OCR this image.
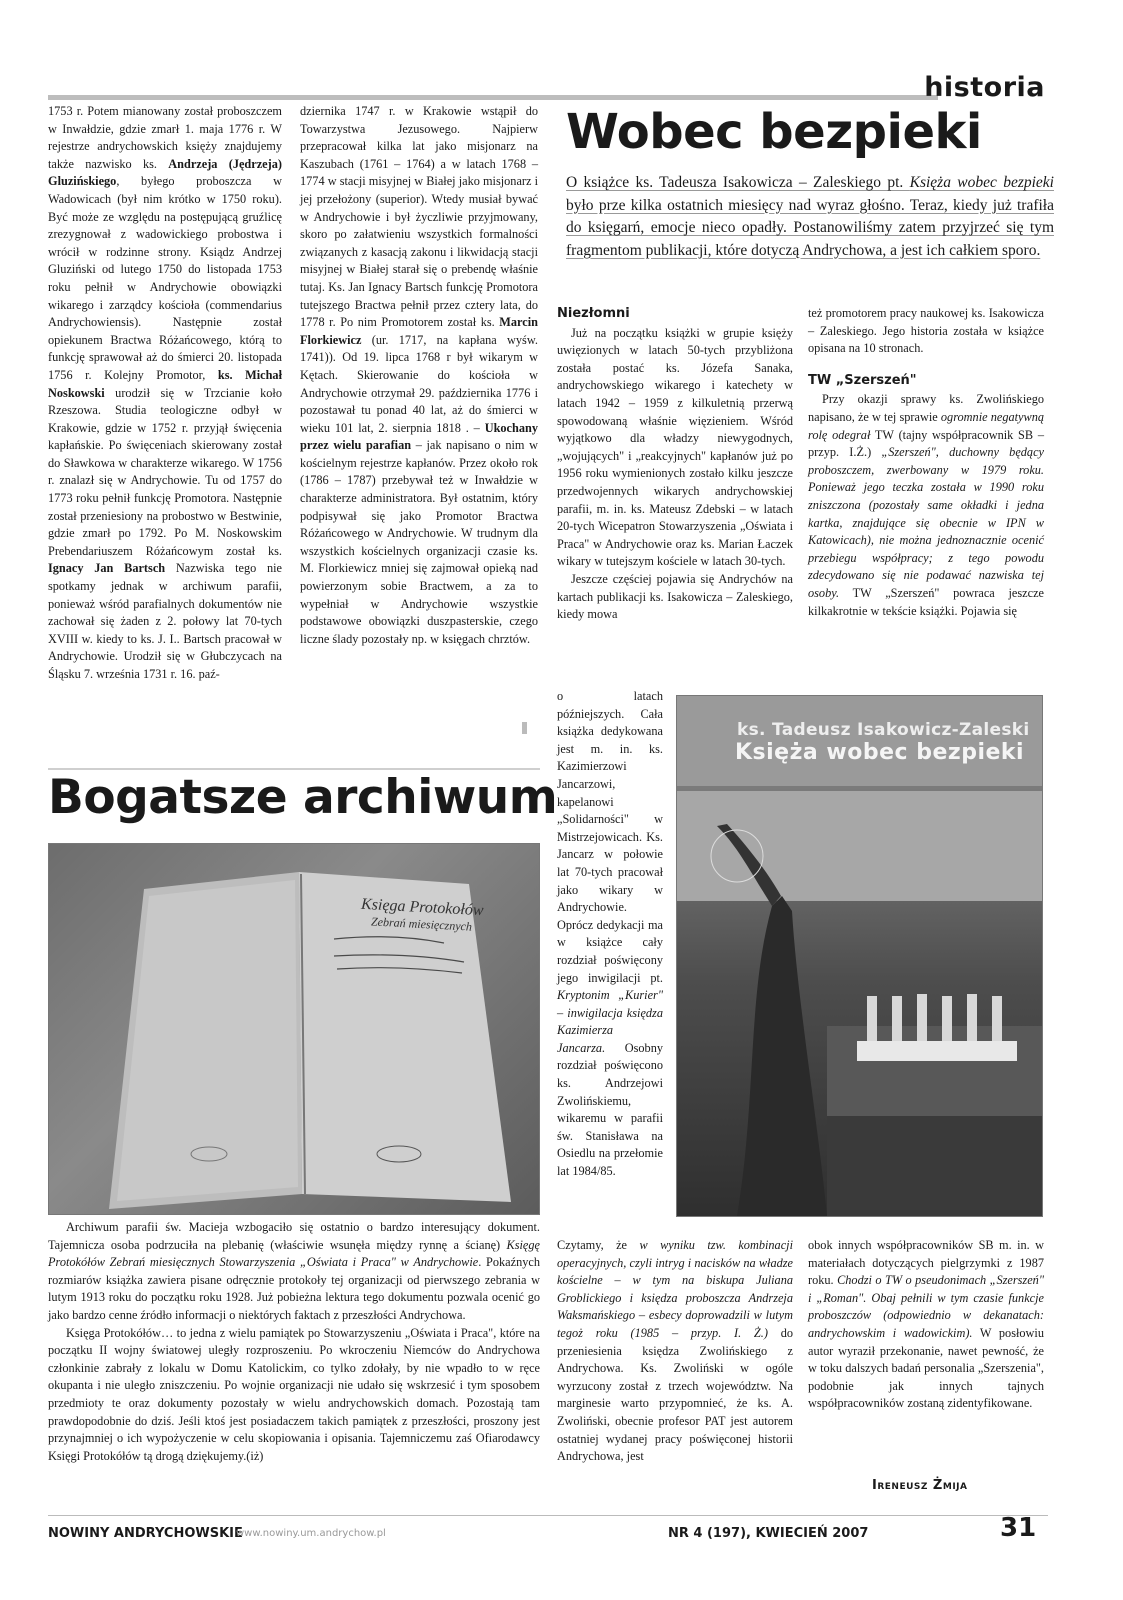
historia
1753 r. Potem mianowany został proboszczem w Inwałdzie, gdzie zmarł 1. maja 1776 r. W rejestrze andrychowskich księży znajdujemy także nazwisko ks. Andrzeja (Jędrzeja) Gluzińskiego, byłego proboszcza w Wadowicach (był nim krótko w 1750 roku). Być może ze względu na postępującą gruźlicę zrezygnował z wadowickiego probostwa i wrócił w rodzinne strony. Ksiądz Andrzej Gluziński od lutego 1750 do listopada 1753 roku pełnił w Andrychowie obowiązki wikarego i zarządcy kościoła (commendarius Andrychowiensis). Następnie został opiekunem Bractwa Różańcowego, którą to funkcję sprawował aż do śmierci 20. listopada 1756 r. Kolejny Promotor, ks. Michał Noskowski urodził się w Trzcianie koło Rzeszowa. Studia teologiczne odbył w Krakowie, gdzie w 1752 r. przyjął święcenia kapłańskie. Po święceniach skierowany został do Sławkowa w charakterze wikarego. W 1756 r. znalazł się w Andrychowie. Tu od 1757 do 1773 roku pełnił funkcję Promotora. Następnie został przeniesiony na probostwo w Bestwinie, gdzie zmarł po 1792. Po M. Noskowskim Prebendariuszem Różańcowym został ks. Ignacy Jan Bartsch Nazwiska tego nie spotkamy jednak w archiwum parafii, ponieważ wśród parafialnych dokumentów nie zachował się żaden z 2. połowy lat 70-tych XVIII w. kiedy to ks. J. I.. Bartsch pracował w Andrychowie. Urodził się w Głubczycach na Śląsku 7. września 1731 r. 16. paź-
dziernika 1747 r. w Krakowie wstąpił do Towarzystwa Jezusowego. Najpierw przepracował kilka lat jako misjonarz na Kaszubach (1761 – 1764) a w latach 1768 – 1774 w stacji misyjnej w Białej jako misjonarz i jej przełożony (superior). Wtedy musiał bywać w Andrychowie i był życzliwie przyjmowany, skoro po załatwieniu wszystkich formalności związanych z kasacją zakonu i likwidacją stacji misyjnej w Białej starał się o prebendę właśnie tutaj. Ks. Jan Ignacy Bartsch funkcję Promotora tutejszego Bractwa pełnił przez cztery lata, do 1778 r. Po nim Promotorem został ks. Marcin Florkiewicz (ur. 1717, na kapłana wyśw. 1741)). Od 19. lipca 1768 r był wikarym w Kętach. Skierowanie do kościoła w Andrychowie otrzymał 29. października 1776 i pozostawał tu ponad 40 lat, aż do śmierci w wieku 101 lat, 2. sierpnia 1818 . – Ukochany przez wielu parafian – jak napisano o nim w kościelnym rejestrze kapłanów. Przez około rok (1786 – 1787) przebywał też w Inwałdzie w charakterze administratora. Był ostatnim, który podpisywał się jako Promotor Bractwa Różańcowego w Andrychowie. W trudnym dla wszystkich kościelnych organizacji czasie ks. M. Florkiewicz mniej się zajmował opieką nad powierzonym sobie Bractwem, a za to wypełniał w Andrychowie wszystkie podstawowe obowiązki duszpasterskie, czego liczne ślady pozostały np. w księgach chrztów.
Wobec bezpieki
O książce ks. Tadeusza Isakowicza – Zaleskiego pt. Księża wobec bezpieki było prze kilka ostatnich miesięcy nad wyraz głośno. Teraz, kiedy już trafiła do księgarń, emocje nieco opadły. Postanowiliśmy zatem przyjrzeć się tym fragmentom publikacji, które dotyczą Andrychowa, a jest ich całkiem sporo.
Niezłomni

Już na początku książki w grupie księży uwięzionych w latach 50-tych przybliżona została postać ks. Józefa Sanaka, andrychowskiego wikarego i katechety w latach 1942 – 1959 z kilkuletnią przerwą spowodowaną właśnie więzieniem. Wśród wyjątkowo dla władzy niewygodnych, „wojujących" i „reakcyjnych" kapłanów już po 1956 roku wymienionych zostało kilku jeszcze przedwojennych wikarych andrychowskiej parafii, m. in. ks. Mateusz Zdebski – w latach 20-tych Wicepatron Stowarzyszenia „Oświata i Praca" w Andrychowie oraz ks. Marian Łaczek wikary w tutejszym kościele w latach 30-tych.

Jeszcze częściej pojawia się Andrychów na kartach publikacji ks. Isakowicza – Zaleskiego, kiedy mowa

o latach późniejszych. Cała książka dedykowana jest m. in. ks. Kazimierzowi Jancarzowi, kapelanowi „Solidarności" w Mistrzejowicach. Ks. Jancarz w połowie lat 70-tych pracował jako wikary w Andrychowie. Oprócz dedykacji ma w książce cały rozdział poświęcony jego inwigilacji pt. Kryptonim „Kurier" – inwigilacja księdza Kazimierza Jancarza. Osobny rozdział poświęcono ks. Andrzejowi Zwolińskiemu, wikaremu w parafii św. Stanisława na Osiedlu na przełomie lat 1984/85.
ks. Tadeusz Isakowicz-Zaleski
Księża wobec bezpieki
Czytamy, że w wyniku tzw. kombinacji operacyjnych, czyli intryg i nacisków na władze kościelne – w tym na biskupa Juliana Groblickiego i księdza proboszcza Andrzeja Waksmańskiego – esbecy doprowadzili w lutym tegoż roku (1985 – przyp. I. Ż.) do przeniesienia księdza Zwolińskiego z Andrychowa. Ks. Zwoliński w ogóle wyrzucony został z trzech województw. Na marginesie warto przypomnieć, że ks. A. Zwoliński, obecnie profesor PAT jest autorem ostatniej wydanej pracy poświęconej historii Andrychowa, jest

też promotorem pracy naukowej ks. Isakowicza – Zaleskiego. Jego historia została w książce opisana na 10 stronach.

TW „Szerszeń"

Przy okazji sprawy ks. Zwolińskiego napisano, że w tej sprawie ogromnie negatywną rolę odegrał TW (tajny współpracownik SB – przyp. I.Ż.) „Szerszeń", duchowny będący proboszczem, zwerbowany w 1979 roku. Ponieważ jego teczka została w 1990 roku zniszczona (pozostały same okładki i jedna kartka, znajdujące się obecnie w IPN w Katowicach), nie można jednoznacznie ocenić przebiegu współpracy; z tego powodu zdecydowano się nie podawać nazwiska tej osoby. TW „Szerszeń" powraca jeszcze kilkakrotnie w tekście książki. Pojawia się

obok innych współpracowników SB m. in. w materiałach dotyczących pielgrzymki z 1987 roku. Chodzi o TW o pseudonimach „Szerszeń" i „Roman". Obaj pełnili w tym czasie funkcje proboszczów (odpowiednio w dekanatach: andrychowskim i wadowickim). W posłowiu autor wyraził przekonanie, nawet pewność, że w toku dalszych badań personalia „Szerszenia", podobnie jak innych tajnych współpracowników zostaną zidentyfikowane.
Ireneusz Żmija
Bogatsze archiwum
Księga Protokołów
Zebrań miesięcznych

Archiwum parafii św. Macieja wzbogaciło się ostatnio o bardzo interesujący dokument. Tajemnicza osoba podrzuciła na plebanię (właściwie wsunęła między rynnę a ścianę) Księgę Protokółów Zebrań miesięcznych Stowarzyszenia „Oświata i Praca" w Andrychowie. Pokaźnych rozmiarów książka zawiera pisane odręcznie protokoły tej organizacji od pierwszego zebrania w lutym 1913 roku do początku roku 1928. Już pobieżna lektura tego dokumentu pozwala ocenić go jako bardzo cenne źródło informacji o niektórych faktach z przeszłości Andrychowa.

Księga Protokółów… to jedna z wielu pamiątek po Stowarzyszeniu „Oświata i Praca", które na początku II wojny światowej uległy rozproszeniu. Po wkroczeniu Niemców do Andrychowa członkinie zabrały z lokalu w Domu Katolickim, co tylko zdołały, by nie wpadło to w ręce okupanta i nie uległo zniszczeniu. Po wojnie organizacji nie udało się wskrzesić i tym sposobem przedmioty te oraz dokumenty pozostały w wielu andrychowskich domach. Pozostają tam prawdopodobnie do dziś. Jeśli ktoś jest posiadaczem takich pamiątek z przeszłości, proszony jest przynajmniej o ich wypożyczenie w celu skopiowania i opisania. Tajemniczemu zaś Ofiarodawcy Księgi Protokółów tą drogą dziękujemy.(iż)

NOWINY ANDRYCHOWSKIE
www.nowiny.um.andrychow.pl	NR 4 (197), KWIECIEŃ 2007	31
